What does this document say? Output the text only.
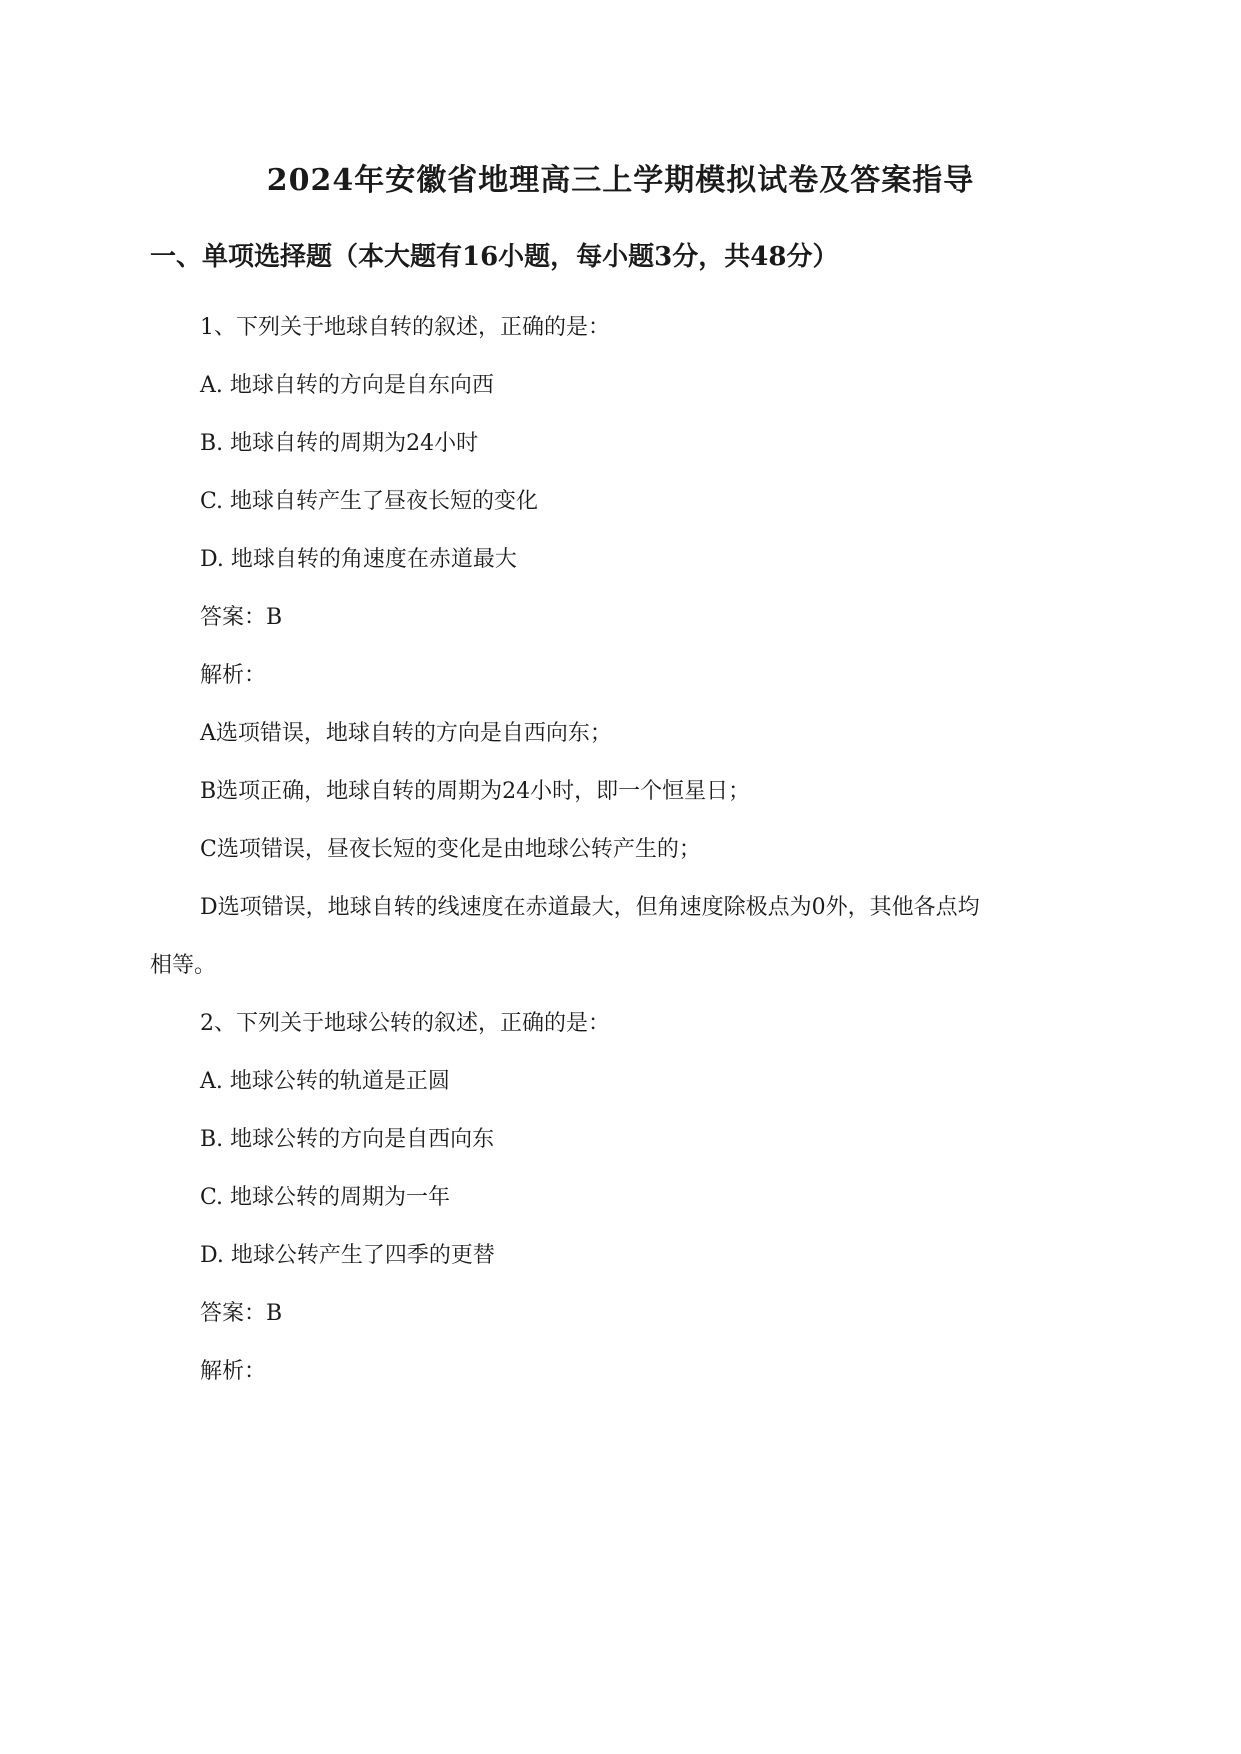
2024年安徽省地理高三上学期模拟试卷及答案指导
一、单项选择题（本大题有16小题，每小题3分，共48分）
1、下列关于地球自转的叙述，正确的是：
A. 地球自转的方向是自东向西
B. 地球自转的周期为24小时
C. 地球自转产生了昼夜长短的变化
D. 地球自转的角速度在赤道最大
答案：B
解析：
A选项错误，地球自转的方向是自西向东；
B选项正确，地球自转的周期为24小时，即一个恒星日；
C选项错误，昼夜长短的变化是由地球公转产生的；
D选项错误，地球自转的线速度在赤道最大，但角速度除极点为0外，其他各点均
相等。
2、下列关于地球公转的叙述，正确的是：
A. 地球公转的轨道是正圆
B. 地球公转的方向是自西向东
C. 地球公转的周期为一年
D. 地球公转产生了四季的更替
答案：B
解析：
